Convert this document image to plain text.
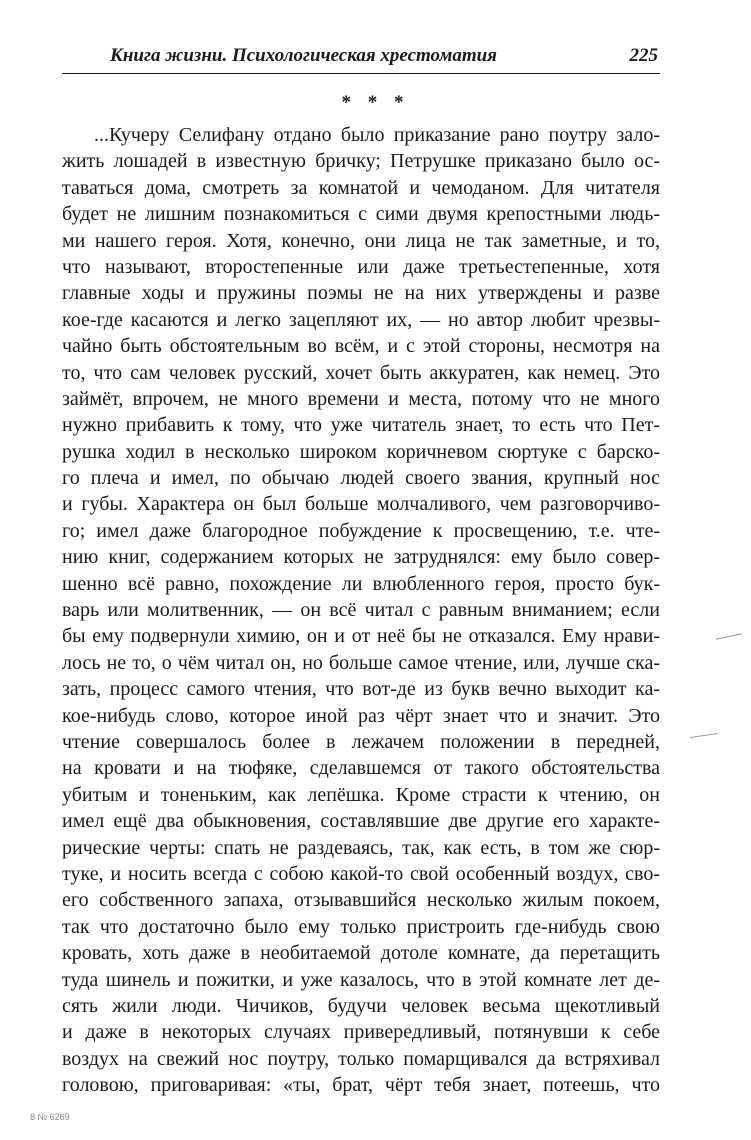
Книга жизни. Психологическая хрестоматия	225
* * *
...Кучеру Селифану отдано было приказание рано поутру зало-
жить лошадей в известную бричку; Петрушке приказано было ос-
таваться дома, смотреть за комнатой и чемоданом. Для читателя
будет не лишним познакомиться с сими двумя крепостными людь-
ми нашего героя. Хотя, конечно, они лица не так заметные, и то,
что называют, второстепенные или даже третьестепенные, хотя
главные ходы и пружины поэмы не на них утверждены и разве
кое-где касаются и легко зацепляют их, — но автор любит чрезвы-
чайно быть обстоятельным во всём, и с этой стороны, несмотря на
то, что сам человек русский, хочет быть аккуратен, как немец. Это
займёт, впрочем, не много времени и места, потому что не много
нужно прибавить к тому, что уже читатель знает, то есть что Пет-
рушка ходил в несколько широком коричневом сюртуке с барско-
го плеча и имел, по обычаю людей своего звания, крупный нос
и губы. Характера он был больше молчаливого, чем разговорчиво-
го; имел даже благородное побуждение к просвещению, т.е. чте-
нию книг, содержанием которых не затруднялся: ему было совер-
шенно всё равно, похождение ли влюбленного героя, просто бук-
варь или молитвенник, — он всё читал с равным вниманием; если
бы ему подвернули химию, он и от неё бы не отказался. Ему нрави-
лось не то, о чём читал он, но больше самое чтение, или, лучше ска-
зать, процесс самого чтения, что вот-де из букв вечно выходит ка-
кое-нибудь слово, которое иной раз чёрт знает что и значит. Это
чтение совершалось более в лежачем положении в передней,
на кровати и на тюфяке, сделавшемся от такого обстоятельства
убитым и тоненьким, как лепёшка. Кроме страсти к чтению, он
имел ещё два обыкновения, составлявшие две другие его характе-
рические черты: спать не раздеваясь, так, как есть, в том же сюр-
туке, и носить всегда с собою какой-то свой особенный воздух, сво-
его собственного запаха, отзывавшийся несколько жилым покоем,
так что достаточно было ему только пристроить где-нибудь свою
кровать, хоть даже в необитаемой дотоле комнате, да перетащить
туда шинель и пожитки, и уже казалось, что в этой комнате лет де-
сять жили люди. Чичиков, будучи человек весьма щекотливый
и даже в некоторых случаях привередливый, потянувши к себе
воздух на свежий нос поутру, только помарщивался да встряхивал
головою, приговаривая: «ты, брат, чёрт тебя знает, потеешь, что
8 № 6269
